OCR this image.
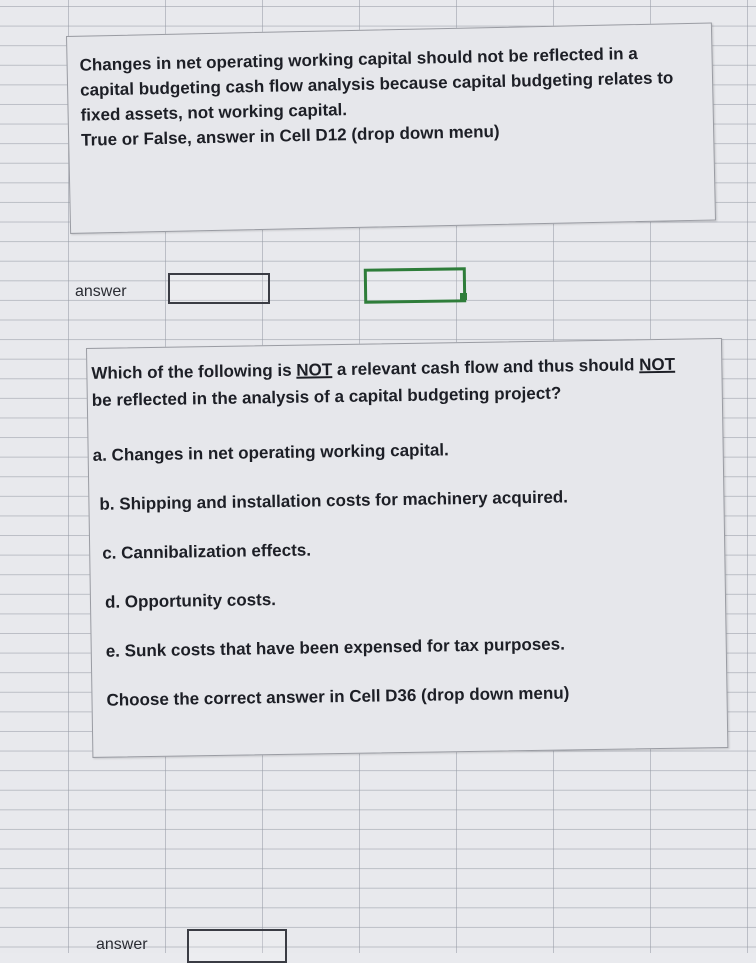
Changes in net operating working capital should not be reflected in a
capital budgeting cash flow analysis because capital budgeting relates to
fixed assets, not working capital.
True or False, answer in Cell D12 (drop down menu)
answer
Which of the following is NOT a relevant cash flow and thus should NOT
be reflected in the analysis of a capital budgeting project?
a. Changes in net operating working capital.
b. Shipping and installation costs for machinery acquired.
c. Cannibalization effects.
d. Opportunity costs.
e. Sunk costs that have been expensed for tax purposes.
Choose the correct answer in Cell D36 (drop down menu)
answer
